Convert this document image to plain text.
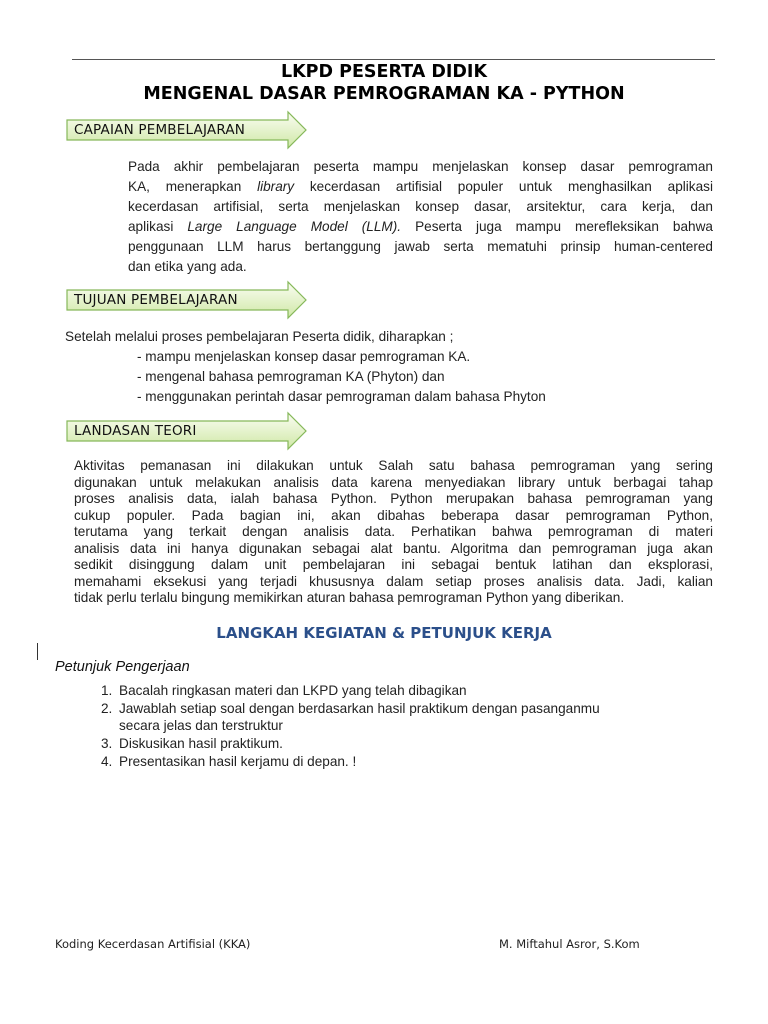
LKPD PESERTA DIDIK
MENGENAL DASAR PEMROGRAMAN KA - PYTHON
CAPAIAN PEMBELAJARAN
Pada akhir pembelajaran peserta mampu menjelaskan konsep dasar pemrograman
KA, menerapkan library kecerdasan artifisial populer untuk menghasilkan aplikasi
kecerdasan artifisial, serta menjelaskan konsep dasar, arsitektur, cara kerja, dan
aplikasi Large Language Model (LLM). Peserta juga mampu merefleksikan bahwa
penggunaan LLM harus bertanggung jawab serta mematuhi prinsip human-centered
dan etika yang ada.
TUJUAN PEMBELAJARAN
Setelah melalui proses pembelajaran Peserta didik, diharapkan ;
- mampu menjelaskan konsep dasar pemrograman KA.
- mengenal bahasa pemrograman KA (Phyton) dan
- menggunakan perintah dasar pemrograman dalam bahasa Phyton
LANDASAN TEORI
Aktivitas pemanasan ini dilakukan untuk Salah satu bahasa pemrograman yang sering
digunakan untuk melakukan analisis data karena menyediakan library untuk berbagai tahap
proses analisis data, ialah bahasa Python. Python merupakan bahasa pemrograman yang
cukup populer. Pada bagian ini, akan dibahas beberapa dasar pemrograman Python,
terutama yang terkait dengan analisis data. Perhatikan bahwa pemrograman di materi
analisis data ini hanya digunakan sebagai alat bantu. Algoritma dan pemrograman juga akan
sedikit disinggung dalam unit pembelajaran ini sebagai bentuk latihan dan eksplorasi,
memahami eksekusi yang terjadi khususnya dalam setiap proses analisis data. Jadi, kalian
tidak perlu terlalu bingung memikirkan aturan bahasa pemrograman Python yang diberikan.
LANGKAH KEGIATAN & PETUNJUK KERJA
Petunjuk Pengerjaan
1. Bacalah ringkasan materi dan LKPD yang telah dibagikan
2. Jawablah setiap soal dengan berdasarkan hasil praktikum dengan pasanganmu
secara jelas dan terstruktur
3. Diskusikan hasil praktikum.
4. Presentasikan hasil kerjamu di depan. !
Koding Kecerdasan Artifisial (KKA)	M. Miftahul Asror, S.Kom
